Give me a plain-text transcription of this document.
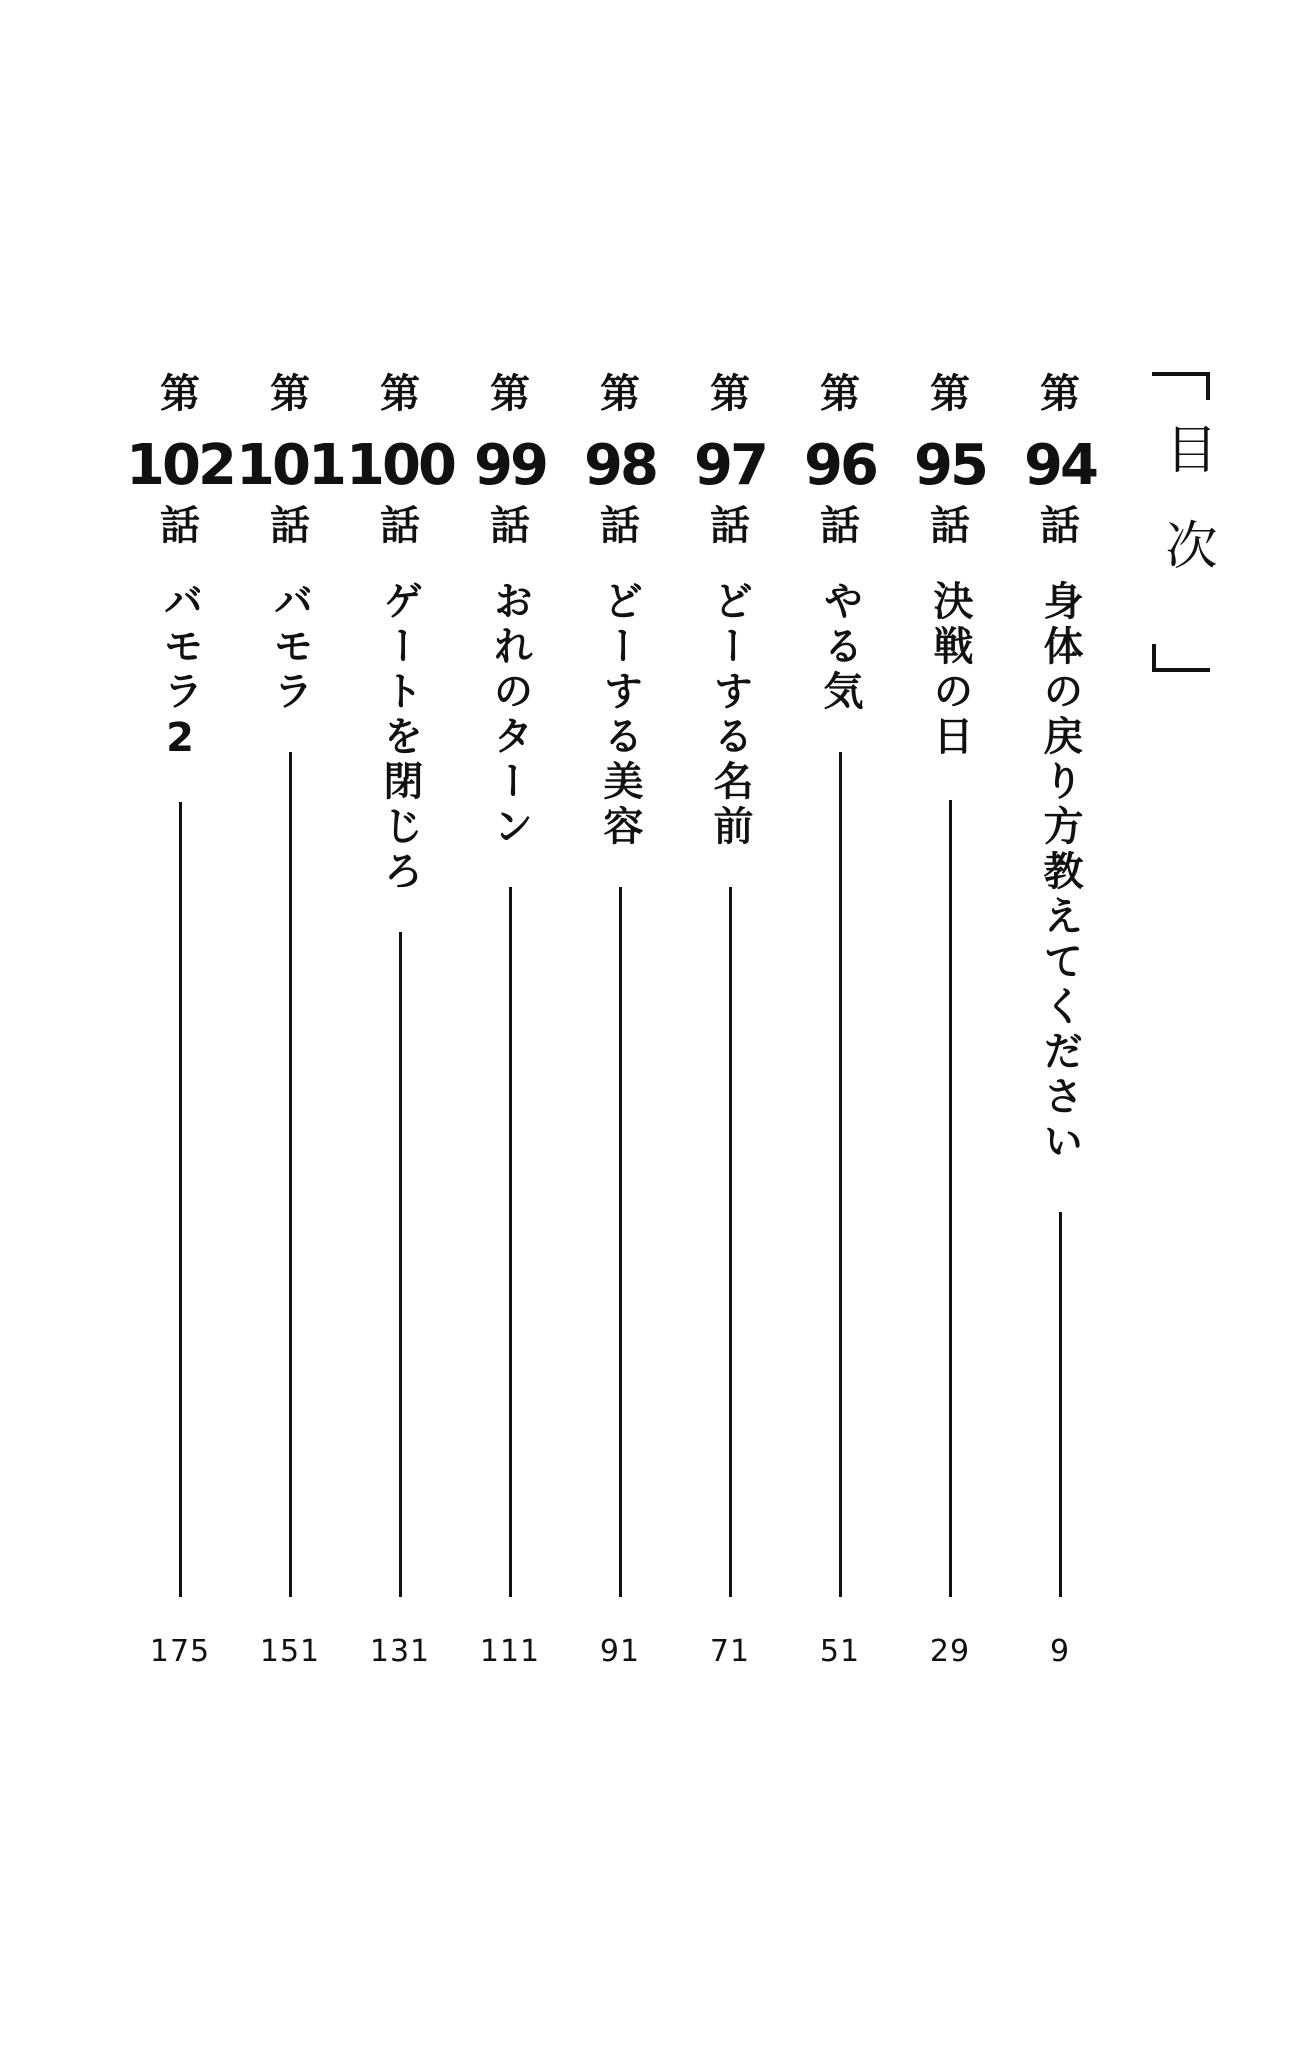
目次
第
94
話
身体の戻り方教えてください
9
第
95
話
決戦の日
29
第
96
話
やる気
51
第
97
話
どーする名前
71
第
98
話
どーする美容
91
第
99
話
おれのターン
111
第
100
話
ゲートを閉じろ
131
第
101
話
バモラ
151
第
102
話
バモラ2
175
